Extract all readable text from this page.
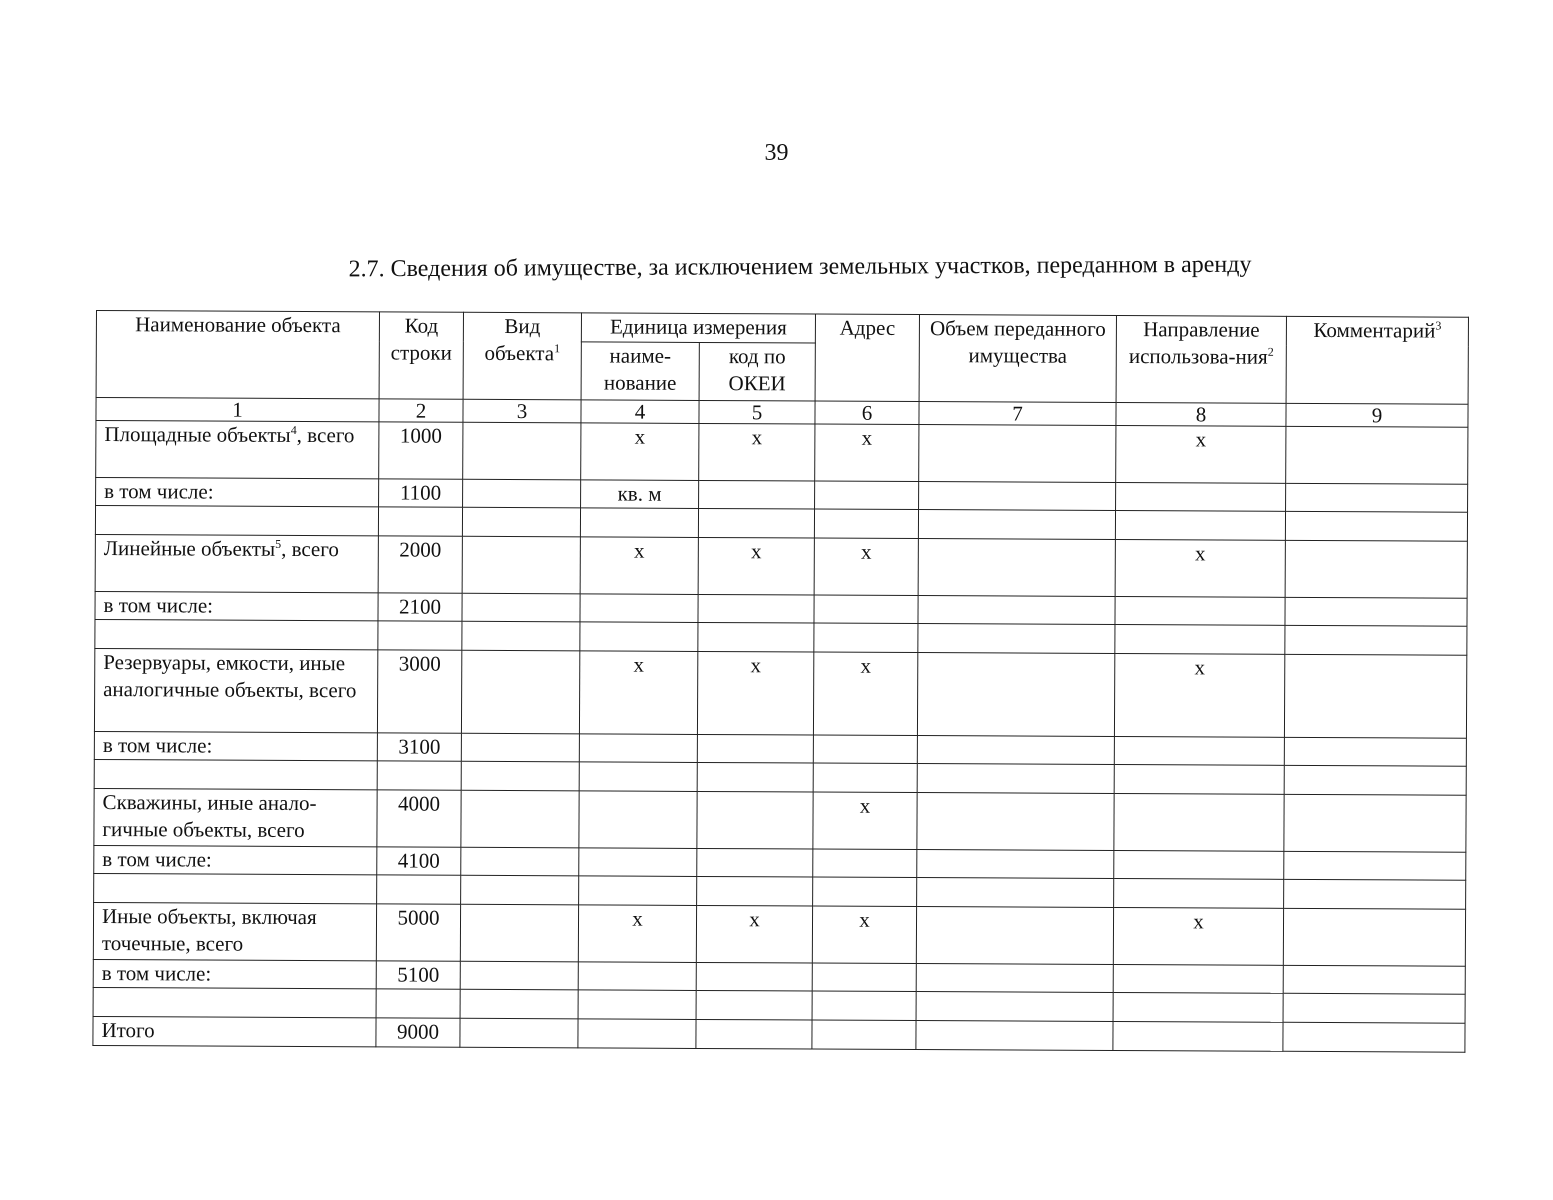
39
2.7. Сведения об имуществе, за исключением земельных участков, переданном в аренду
Наименование объекта	Код строки	Вид объекта$^1$	Единица измерения		Адрес	Объем переданного имущества	Направление использова-ния$^2$	Комментарий$^3$
			наиме-нование	код по ОКЕИ				
1	2	3	4	5	6	7	8	9
Площадные объекты$^4$, всего	1000		х	х	х		х	
в том числе:	1100		кв. м					

Линейные объекты$^5$, всего	2000		х	х	х		х	
в том числе:	2100							

Резервуары, емкости, иные аналогичные объекты, всего	3000		х	х	х		х	
в том числе:	3100							

Скважины, иные анало-гичные объекты, всего	4000				х			
в том числе:	4100							

Иные объекты, включая точечные, всего	5000		х	х	х		х	
в том числе:	5100							

Итого	9000							
